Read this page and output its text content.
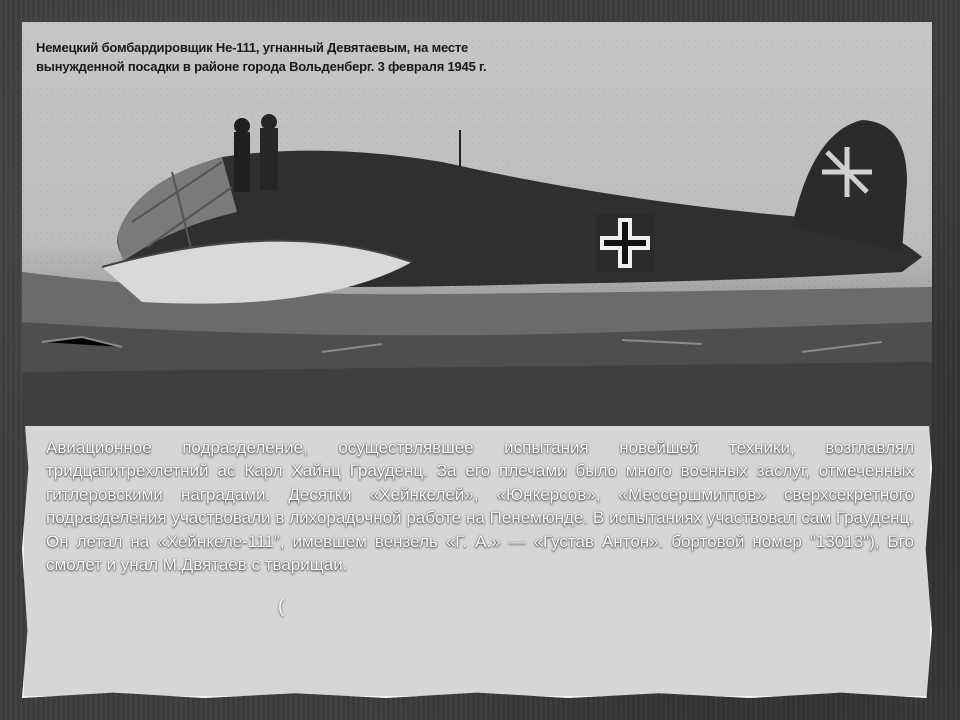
Немецкий бомбардировщик He-111, угнанный Девятаевым, на месте
вынужденной посадки в районе города Вольденберг. 3 февраля 1945 г.
Авиационное подразделение, осуществлявшее испытания новейшей техники, возглавлял тридцатитрехлетний ас Карл Хайнц Грауденц. За его плечами было много военных заслуг, отмеченных гитлеровскими наградами. Десятки «Хейнкелей», «Юнкерсов», «Мессершмиттов» сверхсекретного подразделения участвовали в лихорадочной работе на Пенемюнде. В испытаниях участвовал сам Грауденц. Он летал на «Хейнкеле-111″, имевшем вензель «Г. А.» — «Густав Антон». бортовой номер "13013"), Бго смолет и унал М.Двятаев с тварищаи.
(
